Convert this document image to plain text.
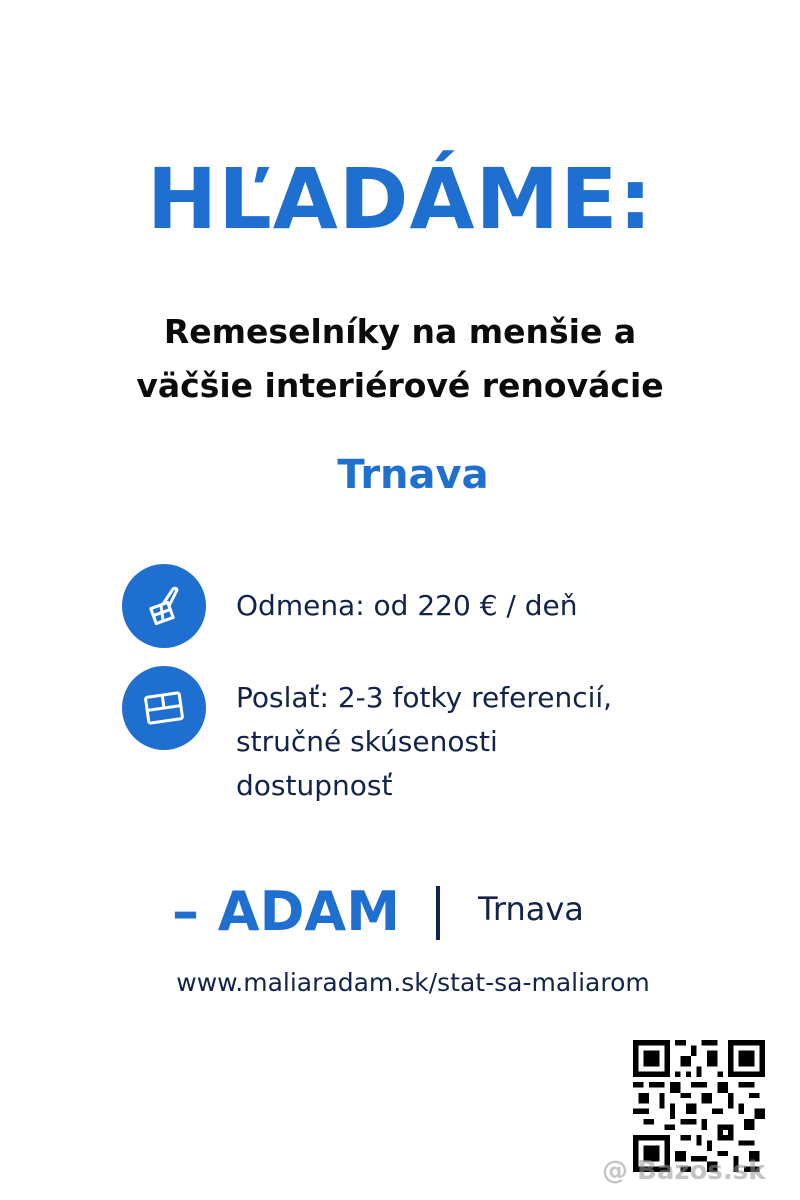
HĽADÁME:
Remeselníky na menšie a
väčšie interiérové renovácie
Trnava
Odmena: od 220 € / deň
Poslať: 2-3 fotky referencií,
stručné skúsenosti
dostupnosť
– ADAM Trnava
www.maliaradam.sk/stat-sa-maliarom
@ Bazos.sk
